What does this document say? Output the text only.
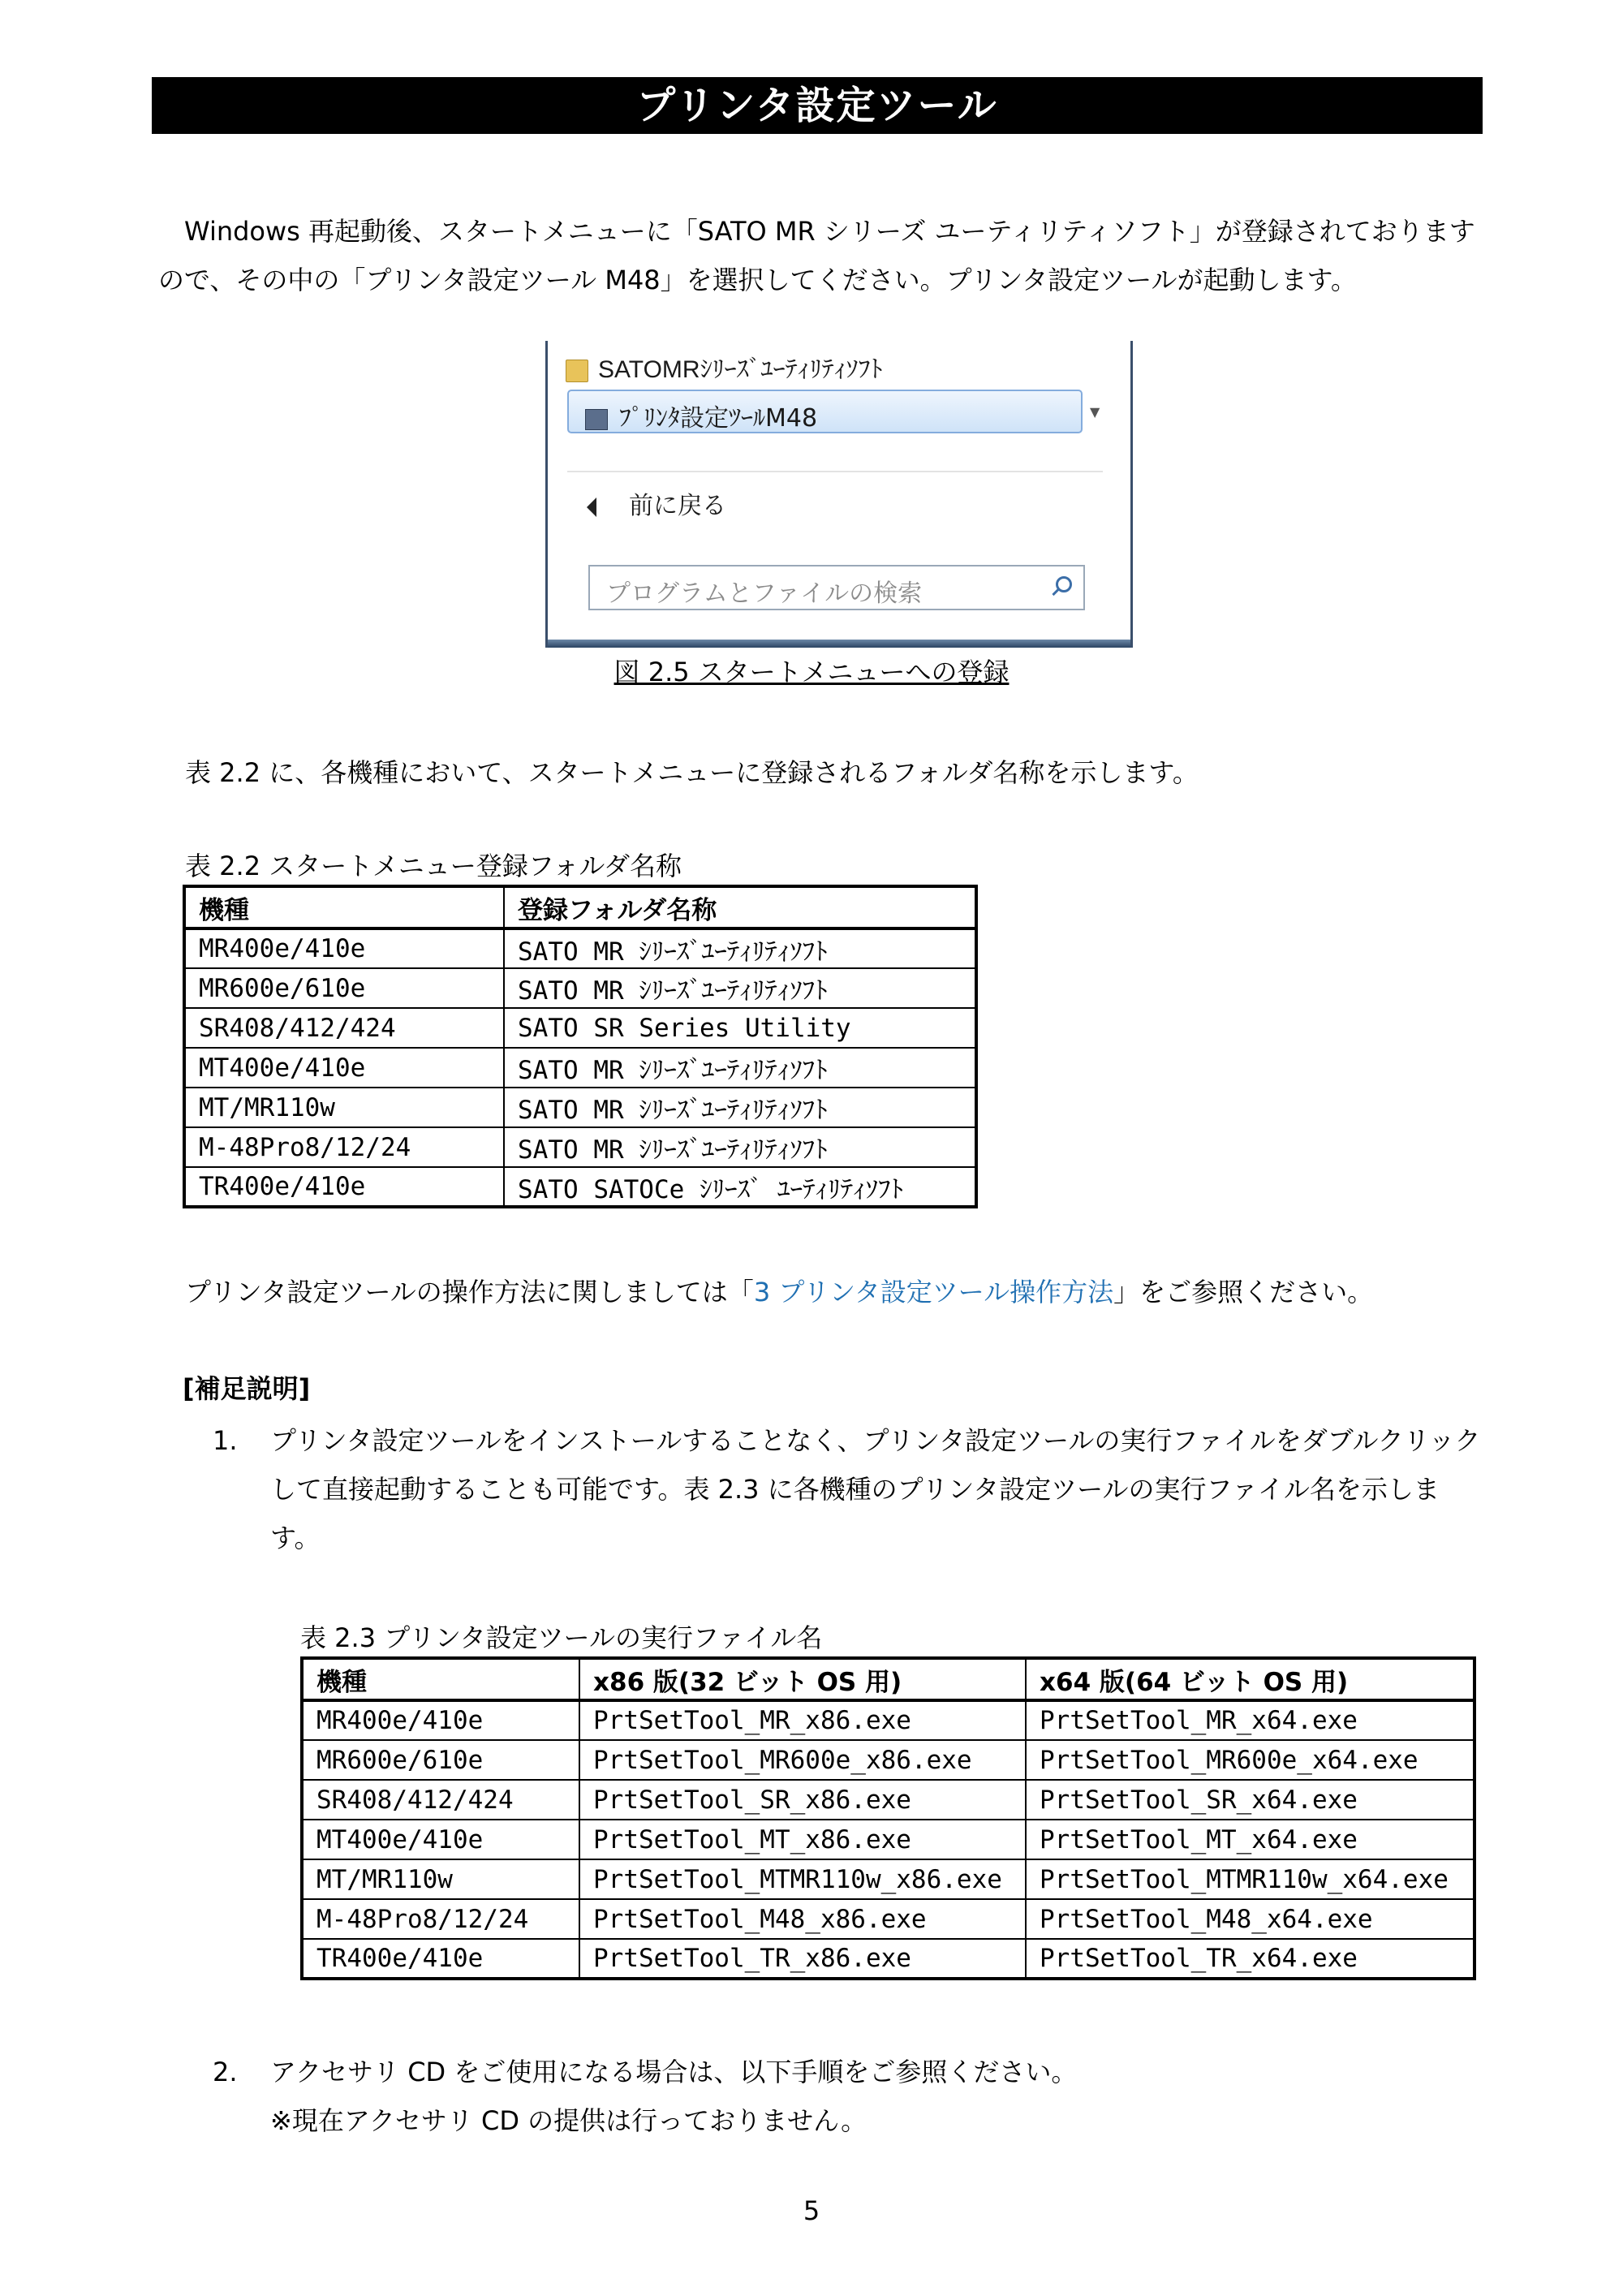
プリンタ設定ツール

Windows 再起動後、スタートメニューに「SATO MR シリーズ ユーティリティソフト」が登録されておりますので、その中の「プリンタ設定ツール M48」を選択してください。プリンタ設定ツールが起動します。

SATOMRｼﾘｰｽﾞﾕｰﾃｨﾘﾃｨｿﾌﾄ
ﾌﾟﾘﾝﾀ設定ﾂｰﾙM48	▼
前に戻る
プログラムとファイルの検索
図 2.5 スタートメニューへの登録

表 2.2 に、各機種において、スタートメニューに登録されるフォルダ名称を示します。

表 2.2 スタートメニュー登録フォルダ名称
機種	登録フォルダ名称
MR400e/410e	SATO MR ｼﾘｰｽﾞﾕｰﾃｨﾘﾃｨｿﾌﾄ
MR600e/610e	SATO MR ｼﾘｰｽﾞﾕｰﾃｨﾘﾃｨｿﾌﾄ
SR408/412/424	SATO SR Series Utility
MT400e/410e	SATO MR ｼﾘｰｽﾞﾕｰﾃｨﾘﾃｨｿﾌﾄ
MT/MR110w	SATO MR ｼﾘｰｽﾞﾕｰﾃｨﾘﾃｨｿﾌﾄ
M-48Pro8/12/24	SATO MR ｼﾘｰｽﾞﾕｰﾃｨﾘﾃｨｿﾌﾄ
TR400e/410e	SATO SATOCe ｼﾘｰｽﾞ ﾕｰﾃｨﾘﾃｨｿﾌﾄ

プリンタ設定ツールの操作方法に関しましては「3 プリンタ設定ツール操作方法」をご参照ください。

[補足説明]
1. プリンタ設定ツールをインストールすることなく、プリンタ設定ツールの実行ファイルをダブルクリックして直接起動することも可能です。表 2.3 に各機種のプリンタ設定ツールの実行ファイル名を示します。

表 2.3 プリンタ設定ツールの実行ファイル名
機種	x86 版(32 ビット OS 用)	x64 版(64 ビット OS 用)
MR400e/410e	PrtSetTool_MR_x86.exe	PrtSetTool_MR_x64.exe
MR600e/610e	PrtSetTool_MR600e_x86.exe	PrtSetTool_MR600e_x64.exe
SR408/412/424	PrtSetTool_SR_x86.exe	PrtSetTool_SR_x64.exe
MT400e/410e	PrtSetTool_MT_x86.exe	PrtSetTool_MT_x64.exe
MT/MR110w	PrtSetTool_MTMR110w_x86.exe	PrtSetTool_MTMR110w_x64.exe
M-48Pro8/12/24	PrtSetTool_M48_x86.exe	PrtSetTool_M48_x64.exe
TR400e/410e	PrtSetTool_TR_x86.exe	PrtSetTool_TR_x64.exe
2. アクセサリ CD をご使用になる場合は、以下手順をご参照ください。

※現在アクセサリ CD の提供は行っておりません。

5
